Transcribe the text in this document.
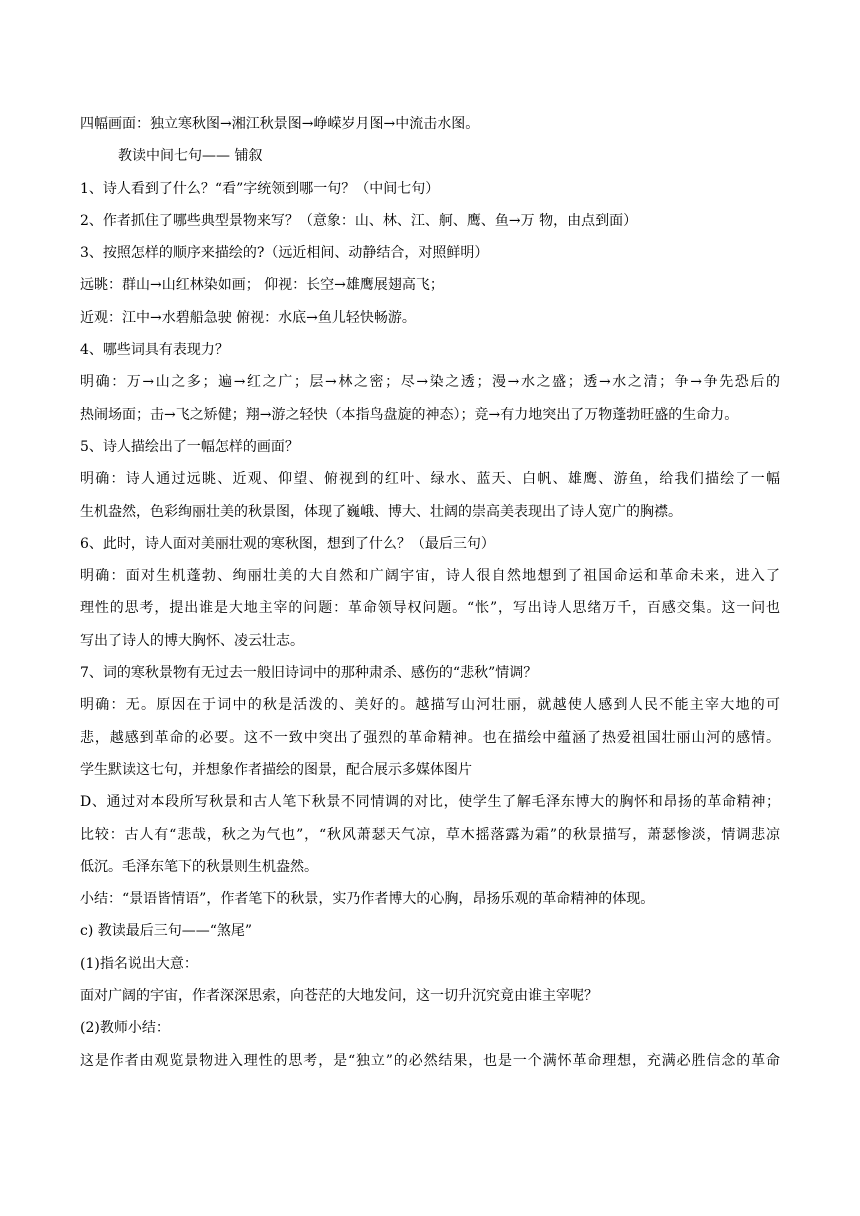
四幅画面：独立寒秋图→湘江秋景图→峥嵘岁月图→中流击水图。
教读中间七句—— 铺叙
1、诗人看到了什么？“看”字统领到哪一句？（中间七句）
2、作者抓住了哪些典型景物来写？（意象：山、林、江、舸、鹰、鱼→万 物，由点到面）
3、按照怎样的顺序来描绘的?（远近相间、动静结合，对照鲜明）
远眺：群山→山红林染如画； 仰视：长空→雄鹰展翅高飞；
近观：江中→水碧船急驶 俯视：水底→鱼儿轻快畅游。
4、哪些词具有表现力？
明确：万→山之多；遍→红之广；层→林之密；尽→染之透；漫→水之盛；透→水之清；争→争先恐后的
热闹场面；击→飞之矫健；翔→游之轻快（本指鸟盘旋的神态）；竞→有力地突出了万物蓬勃旺盛的生命力。
5、诗人描绘出了一幅怎样的画面？
明确：诗人通过远眺、近观、仰望、俯视到的红叶、绿水、蓝天、白帆、雄鹰、游鱼，给我们描绘了一幅
生机盎然，色彩绚丽壮美的秋景图，体现了巍峨、博大、壮阔的崇高美表现出了诗人宽广的胸襟。
6、此时，诗人面对美丽壮观的寒秋图，想到了什么？（最后三句）
明确：面对生机蓬勃、绚丽壮美的大自然和广阔宇宙，诗人很自然地想到了祖国命运和革命未来，进入了
理性的思考，提出谁是大地主宰的问题：革命领导权问题。“怅”，写出诗人思绪万千，百感交集。这一问也
写出了诗人的博大胸怀、凌云壮志。
7、词的寒秋景物有无过去一般旧诗词中的那种肃杀、感伤的“悲秋”情调？
明确：无。原因在于词中的秋是活泼的、美好的。越描写山河壮丽，就越使人感到人民不能主宰大地的可
悲，越感到革命的必要。这不一致中突出了强烈的革命精神。也在描绘中蕴涵了热爱祖国壮丽山河的感情。
学生默读这七句，并想象作者描绘的图景，配合展示多媒体图片
D、通过对本段所写秋景和古人笔下秋景不同情调的对比，使学生了解毛泽东博大的胸怀和昂扬的革命精神；
比较：古人有“悲哉，秋之为气也”，“秋风萧瑟天气凉，草木摇落露为霜”的秋景描写，萧瑟惨淡，情调悲凉
低沉。毛泽东笔下的秋景则生机盎然。
小结：“景语皆情语”，作者笔下的秋景，实乃作者博大的心胸，昂扬乐观的革命精神的体现。
c) 教读最后三句——“煞尾”
(1)指名说出大意：
面对广阔的宇宙，作者深深思索，向苍茫的大地发问，这一切升沉究竟由谁主宰呢？
(2)教师小结：
这是作者由观览景物进入理性的思考，是“独立”的必然结果，也是一个满怀革命理想，充满必胜信念的革命
